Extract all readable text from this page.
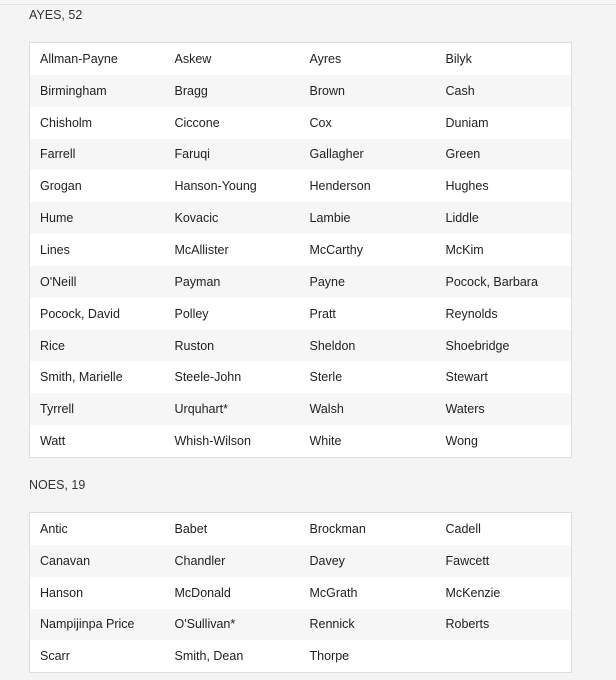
AYES, 52
Allman-Payne	Askew	Ayres	Bilyk
Birmingham	Bragg	Brown	Cash
Chisholm	Ciccone	Cox	Duniam
Farrell	Faruqi	Gallagher	Green
Grogan	Hanson-Young	Henderson	Hughes
Hume	Kovacic	Lambie	Liddle
Lines	McAllister	McCarthy	McKim
O'Neill	Payman	Payne	Pocock, Barbara
Pocock, David	Polley	Pratt	Reynolds
Rice	Ruston	Sheldon	Shoebridge
Smith, Marielle	Steele-John	Sterle	Stewart
Tyrrell	Urquhart*	Walsh	Waters
Watt	Whish-Wilson	White	Wong
NOES, 19
Antic	Babet	Brockman	Cadell
Canavan	Chandler	Davey	Fawcett
Hanson	McDonald	McGrath	McKenzie
Nampijinpa Price	O'Sullivan*	Rennick	Roberts
Scarr	Smith, Dean	Thorpe	
